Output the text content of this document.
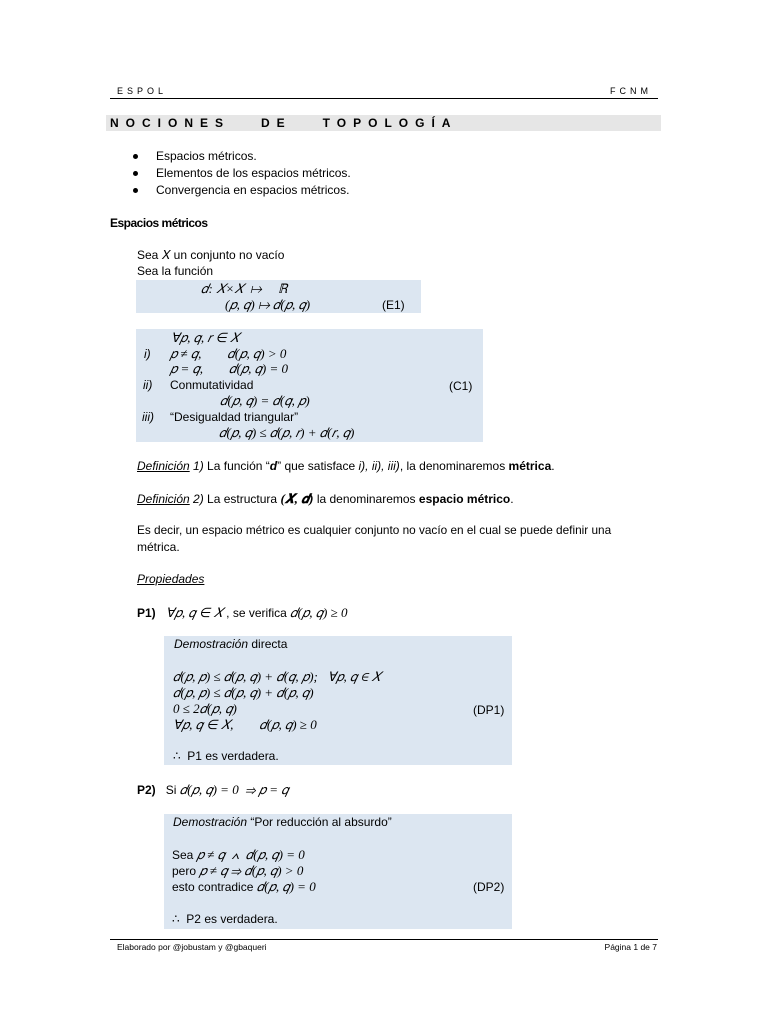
ESPOL	FCNM
NOCIONES   DE   TOPOLOGÍA
Espacios métricos.
Elementos de los espacios métricos.
Convergencia en espacios métricos.
Espacios métricos
Sea 𝑋 un conjunto no vacío
Sea la función
𝑑: 𝑋×𝑋  ↦     ℝ
(𝑝, 𝑞) ↦ 𝑑(𝑝, 𝑞)	(E1)
∀𝑝, 𝑞, 𝑟 ∈ 𝑋
i) 𝑝 ≠ 𝑞,        𝑑(𝑝, 𝑞) > 0
𝑝 = 𝑞,        𝑑(𝑝, 𝑞) = 0
ii) Conmutatividad	(C1)
𝑑(𝑝, 𝑞) = 𝑑(𝑞, 𝑝)
iii) “Desigualdad triangular”
𝑑(𝑝, 𝑞) ≤ 𝑑(𝑝, 𝑟) + 𝑑(𝑟, 𝑞)
Definición 1) La función “d” que satisface i), ii), iii), la denominaremos métrica.
Definición 2) La estructura (𝑿, 𝒅) la denominaremos espacio métrico.
Es decir, un espacio métrico es cualquier conjunto no vacío en el cual se puede definir una
métrica.
Propiedades
P1) ∀𝑝, 𝑞 ∈ 𝑋 , se verifica 𝑑(𝑝, 𝑞) ≥ 0
Demostración directa
𝑑(𝑝, 𝑝) ≤ 𝑑(𝑝, 𝑞) + 𝑑(𝑞, 𝑝);   ∀𝑝, 𝑞 ∈ 𝑋
𝑑(𝑝, 𝑝) ≤ 𝑑(𝑝, 𝑞) + 𝑑(𝑝, 𝑞)
0 ≤ 2𝑑(𝑝, 𝑞)	(DP1)
∀𝑝, 𝑞 ∈ 𝑋,        𝑑(𝑝, 𝑞) ≥ 0
∴  P1 es verdadera.
P2) Si 𝑑(𝑝, 𝑞) = 0  ⇒ 𝑝 = 𝑞
Demostración “Por reducción al absurdo”
Sea 𝑝 ≠ 𝑞  ∧  𝑑(𝑝, 𝑞) = 0
pero 𝑝 ≠ 𝑞 ⇒ 𝑑(𝑝, 𝑞) > 0
esto contradice 𝑑(𝑝, 𝑞) = 0	(DP2)
∴  P2 es verdadera.
Elaborado por @jobustam y @gbaqueri	Página 1 de 7
